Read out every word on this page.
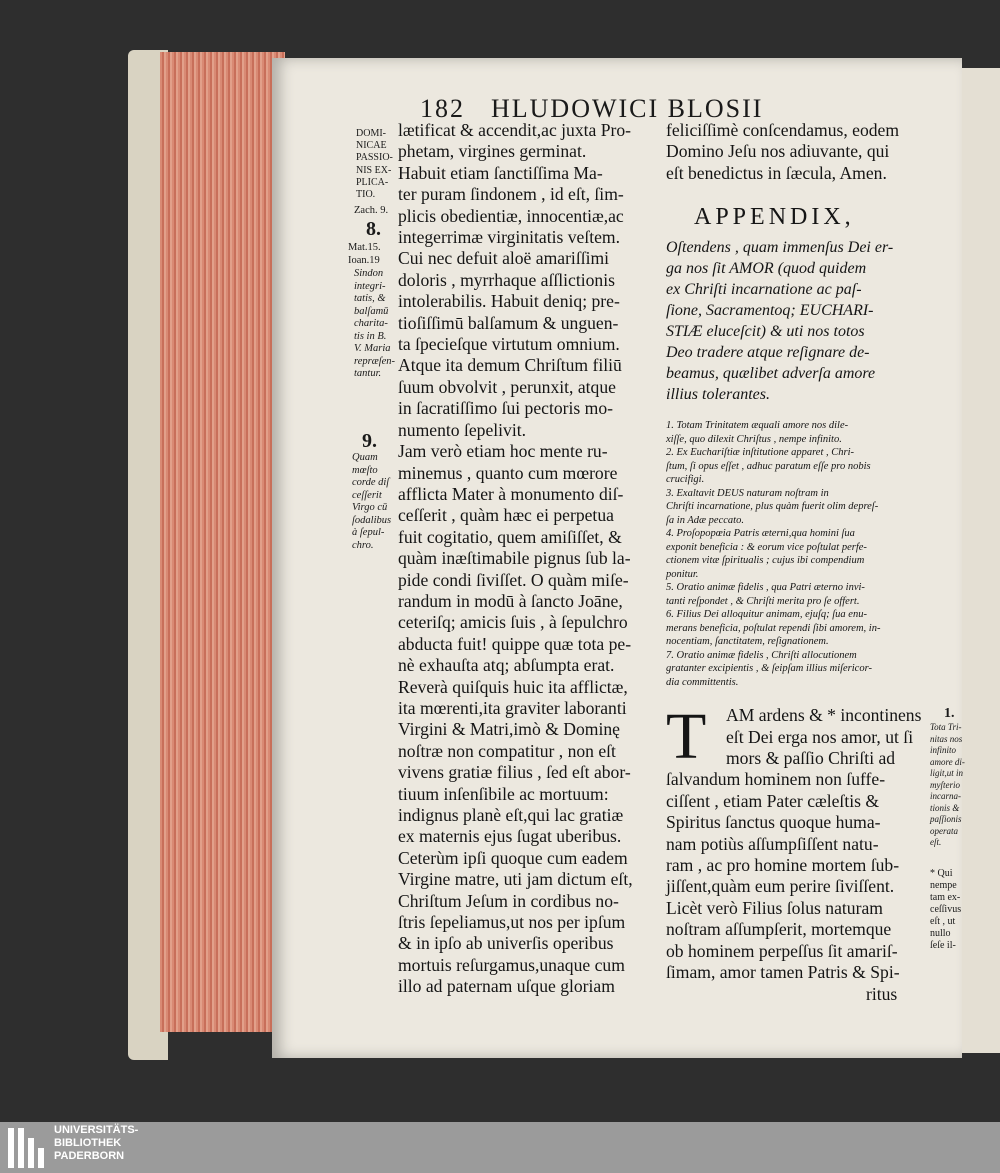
182 HLUDOWICI BLOSII
DOMI-
NICAE
PASSIO-
NIS EX-
PLICA-
TIO.
Zach. 9.
8.
Mat.15.
Ioan.19
Sindon
integri-
tatis, &
balſamū
charita-
tis in B.
V. Maria
repræſen-
tantur.
9.
Quam
mœſto
corde diſ
ceſſerit
Virgo cū
ſodalibus
à ſepul-
chro.
lætificat & accendit,ac juxta Pro-
phetam, virgines germinat.
Habuit etiam ſanctiſſima Ma-
ter puram ſindonem , id eſt, ſim-
plicis obedientiæ, innocentiæ,ac
integerrimæ virginitatis veſtem.
Cui nec defuit aloë amariſſimi
doloris , myrrhaque aſſlictionis
intolerabilis. Habuit deniq; pre-
tioſiſſimū balſamum & unguen-
ta ſpecieſque virtutum omnium.
Atque ita demum Chriſtum filiū
ſuum obvolvit , perunxit, atque
in ſacratiſſimo ſui pectoris mo-
numento ſepelivit.
Jam verò etiam hoc mente ru-
minemus , quanto cum mœrore
afflicta Mater à monumento diſ-
ceſſerit , quàm hæc ei perpetua
fuit cogitatio, quem amiſiſſet, &
quàm inæſtimabile pignus ſub la-
pide condi ſiviſſet. O quàm miſe-
randum in modū à ſancto Joāne,
ceteriſq; amicis ſuis , à ſepulchro
abducta fuit! quippe quæ tota pe-
nè exhauſta atq; abſumpta erat.
Reverà quiſquis huic ita afflictæ,
ita mœrenti,ita graviter laboranti
Virgini & Matri,imò & Dominę
noſtræ non compatitur , non eſt
vivens gratiæ filius , ſed eſt abor-
tiuum inſenſibile ac mortuum:
indignus planè eſt,qui lac gratiæ
ex maternis ejus ſugat uberibus.
Ceterùm ipſi quoque cum eadem
Virgine matre, uti jam dictum eſt,
Chriſtum Jeſum in cordibus no-
ſtris ſepeliamus,ut nos per ipſum
& in ipſo ab univerſis operibus
mortuis reſurgamus,unaque cum
illo ad paternam uſque gloriam
feliciſſimè conſcendamus, eodem
Domino Jeſu nos adiuvante, qui
eſt benedictus in ſæcula, Amen.
APPENDIX,
Oſtendens , quam immenſus Dei er-
ga nos ſit AMOR (quod quidem
ex Chriſti incarnatione ac paſ-
ſione, Sacramentoq; EUCHARI-
STIÆ eluceſcit) & uti nos totos
Deo tradere atque reſignare de-
beamus, quælibet adverſa amore
illius tolerantes.
1. Totam Trinitatem æquali amore nos dile-
xiſſe, quo dilexit Chriſtus , nempe infinito.
2. Ex Euchariſtiæ inſtitutione apparet , Chri-
ſtum, ſi opus eſſet , adhuc paratum eſſe pro nobis
crucifigi.
3. Exaltavit DEUS naturam noſtram in
Chriſti incarnatione, plus quàm fuerit olim depreſ-
ſa in Adæ peccato.
4. Proſopopœia Patris æterni,qua homini ſua
exponit beneficia : & eorum vice poſtulat perfe-
ctionem vitæ ſpiritualis ; cujus ibi compendium
ponitur.
5. Oratio animæ fidelis , qua Patri æterno invi-
tanti reſpondet , & Chriſti merita pro ſe offert.
6. Filius Dei alloquitur animam, ejuſq; ſua enu-
merans beneficia, poſtulat rependi ſibi amorem, in-
nocentiam, ſanctitatem, reſignationem.
7. Oratio animæ fidelis , Chriſti allocutionem
gratanter excipientis , & ſeipſam illius miſericor-
dia committentis.
T	AM ardens & * incontinens
eſt Dei erga nos amor, ut ſi
mors & paſſio Chriſti ad
ſalvandum hominem non ſuffe-
ciſſent , etiam Pater cæleſtis &
Spiritus ſanctus quoque huma-
nam potiùs aſſumpſiſſent natu-
ram , ac pro homine mortem ſub-
jiſſent,quàm eum perire ſiviſſent.
Licèt verò Filius ſolus naturam
noſtram aſſumpſerit, mortemque
ob hominem perpeſſus ſit amariſ-
ſimam, amor tamen Patris & Spi-
ritus
1.
Tota Tri-
nitas nos
infinito
amore di-
ligit,ut in
myſterio
incarna-
tionis &
paſſionis
operata
eſt.
* Qui
nempe
tam ex-
ceſſivus
eſt , ut
nullo
ſeſe il-
UNIVERSITÄTS-
BIBLIOTHEK
PADERBORN
